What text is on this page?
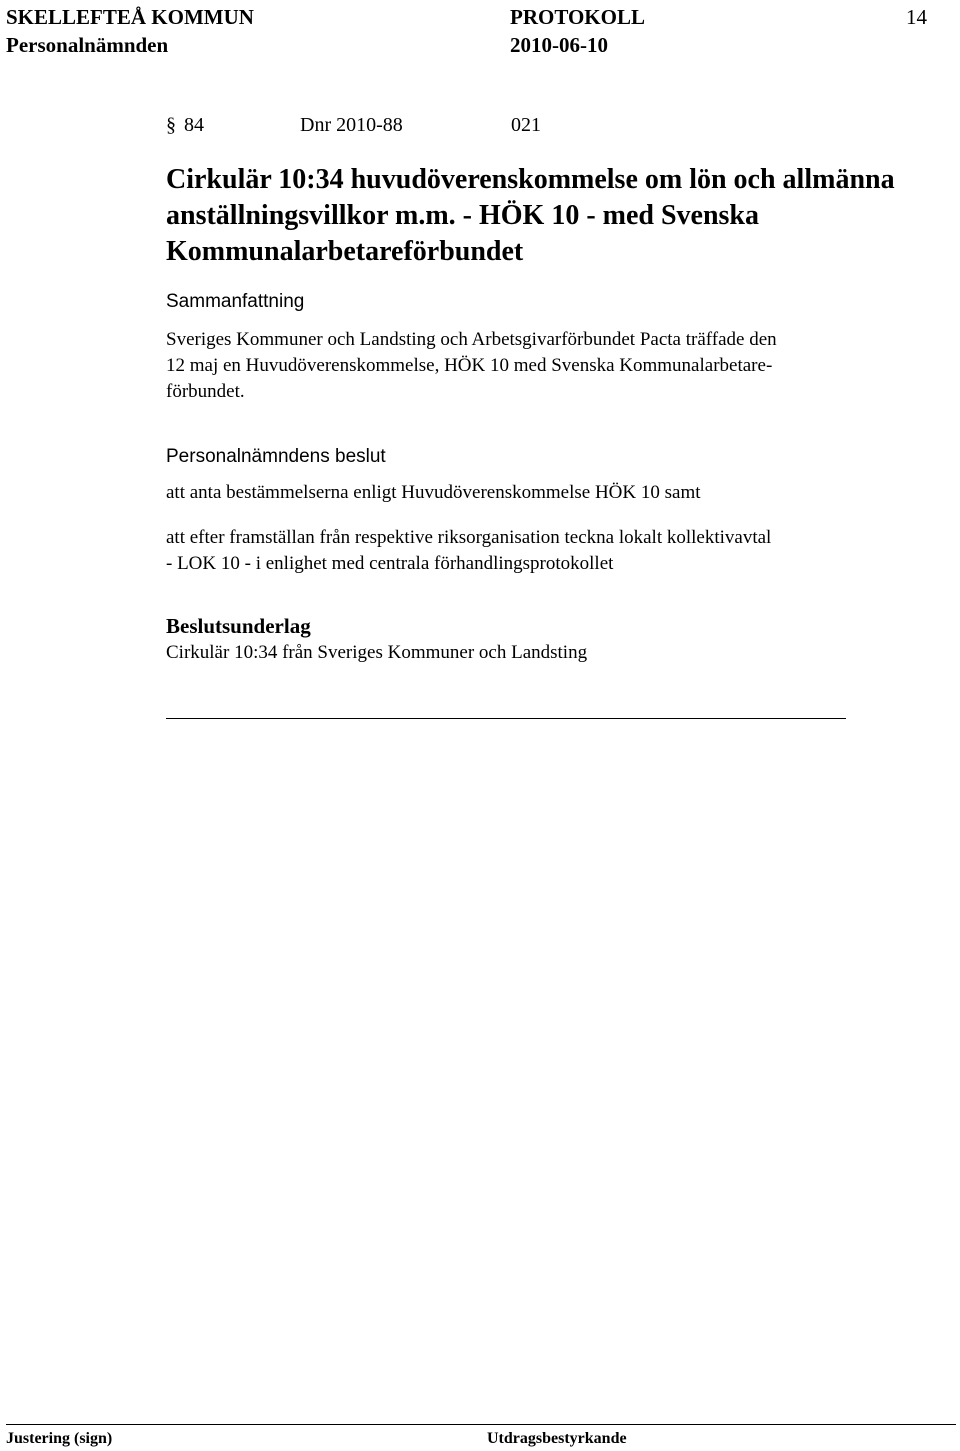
SKELLEFTEÅ KOMMUN
Personalnämnden
PROTOKOLL
2010-06-10
14
§ 84	Dnr 2010-88	021
Cirkulär 10:34 huvudöverenskommelse om lön och allmänna
anställningsvillkor m.m. - HÖK 10 - med Svenska
Kommunalarbetareförbundet
Sammanfattning
Sveriges Kommuner och Landsting och Arbetsgivarförbundet Pacta träffade den
12 maj en Huvudöverenskommelse, HÖK 10 med Svenska Kommunalarbetare-
förbundet.
Personalnämndens beslut
att anta bestämmelserna enligt Huvudöverenskommelse HÖK 10 samt
att efter framställan från respektive riksorganisation teckna lokalt kollektivavtal
- LOK 10 - i enlighet med centrala förhandlingsprotokollet
Beslutsunderlag
Cirkulär 10:34 från Sveriges Kommuner och Landsting
Justering (sign)	Utdragsbestyrkande
